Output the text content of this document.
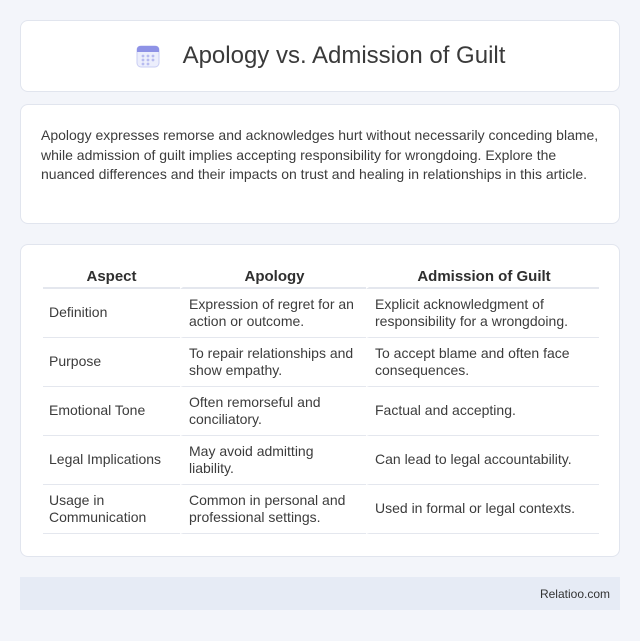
Apology vs. Admission of Guilt

Apology expresses remorse and acknowledges hurt without necessarily conceding blame, while admission of guilt implies accepting responsibility for wrongdoing. Explore the nuanced differences and their impacts on trust and healing in relationships in this article.

Aspect	Apology	Admission of Guilt
Definition	Expression of regret for an action or outcome.	Explicit acknowledgment of responsibility for a wrongdoing.
Purpose	To repair relationships and show empathy.	To accept blame and often face consequences.
Emotional Tone	Often remorseful and conciliatory.	Factual and accepting.
Legal Implications	May avoid admitting liability.	Can lead to legal accountability.
Usage in Communication	Common in personal and professional settings.	Used in formal or legal contexts.
Relatioo.com
